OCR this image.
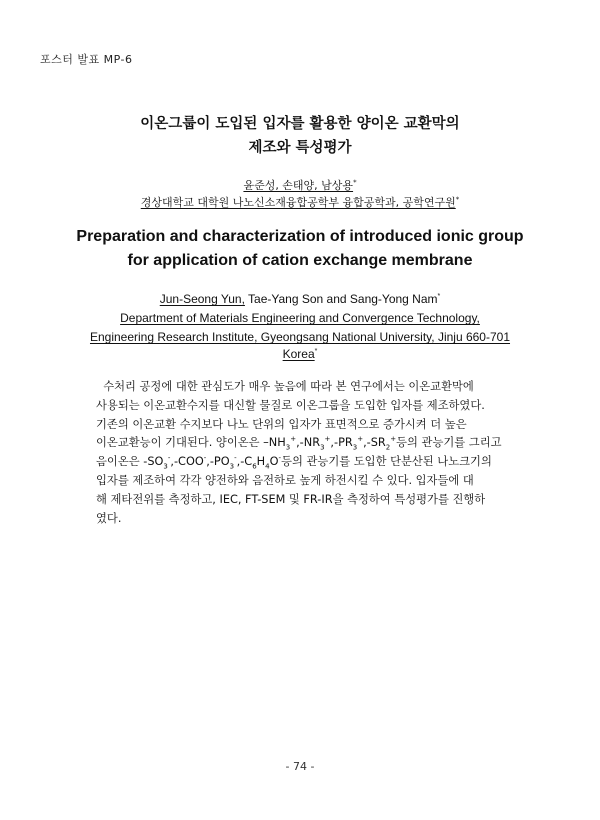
포스터 발표 MP-6
이온그룹이 도입된 입자를 활용한 양이온 교환막의
제조와 특성평가
윤준성, 손태양, 남상용*
경상대학교 대학원 나노신소재융합공학부 융합공학과, 공학연구원*
Preparation and characterization of introduced ionic group
for application of cation exchange membrane
Jun-Seong Yun, Tae-Yang Son and Sang-Yong Nam*
Department of Materials Engineering and Convergence Technology,
Engineering Research Institute, Gyeongsang National University, Jinju 660-701
Korea*
수처리 공정에 대한 관심도가 매우 높음에 따라 본 연구에서는 이온교환막에
사용되는 이온교환수지를 대신할 물질로 이온그룹을 도입한 입자를 제조하였다.
기존의 이온교환 수지보다 나노 단위의 입자가 표면적으로 증가시켜 더 높은
이온교환능이 기대된다. 양이온은 $-NH_3^+,-NR_3^+,-PR_3^+,-SR_2^+$등의 관능기를 그리고
음이온은 $-SO_3^-,-COO^-,-PO_3^-,-C_6H_4O^-$등의 관능기를 도입한 단분산된 나노크기의
입자를 제조하여 각각 양전하와 음전하로 높게 하전시킬 수 있다. 입자들에 대
해 제타전위를 측정하고, IEC, FT-SEM 및 FR-IR을 측정하여 특성평가를 진행하
였다.
- 74 -
